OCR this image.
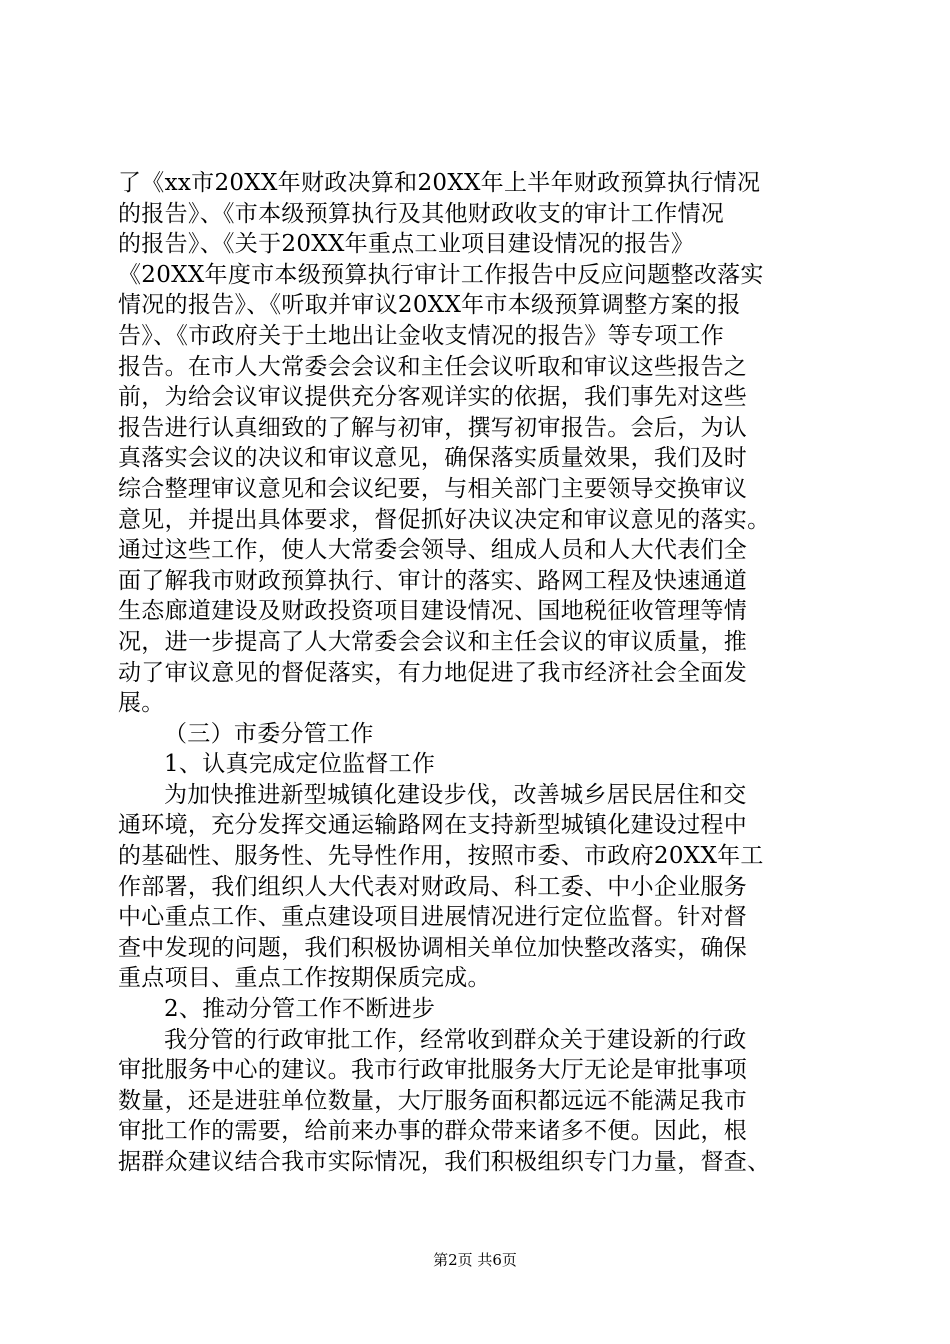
了《xx市20XX年财政决算和20XX年上半年财政预算执行情况
的报告》、《市本级预算执行及其他财政收支的审计工作情况
的报告》、《关于20XX年重点工业项目建设情况的报告》
《20XX年度市本级预算执行审计工作报告中反应问题整改落实
情况的报告》、《听取并审议20XX年市本级预算调整方案的报
告》、《市政府关于土地出让金收支情况的报告》等专项工作
报告。在市人大常委会会议和主任会议听取和审议这些报告之
前，为给会议审议提供充分客观详实的依据，我们事先对这些
报告进行认真细致的了解与初审，撰写初审报告。会后，为认
真落实会议的决议和审议意见，确保落实质量效果，我们及时
综合整理审议意见和会议纪要，与相关部门主要领导交换审议
意见，并提出具体要求，督促抓好决议决定和审议意见的落实。
通过这些工作，使人大常委会领导、组成人员和人大代表们全
面了解我市财政预算执行、审计的落实、路网工程及快速通道
生态廊道建设及财政投资项目建设情况、国地税征收管理等情
况，进一步提高了人大常委会会议和主任会议的审议质量，推
动了审议意见的督促落实，有力地促进了我市经济社会全面发
展。
（三）市委分管工作
1、认真完成定位监督工作
为加快推进新型城镇化建设步伐，改善城乡居民居住和交
通环境，充分发挥交通运输路网在支持新型城镇化建设过程中
的基础性、服务性、先导性作用，按照市委、市政府20XX年工
作部署，我们组织人大代表对财政局、科工委、中小企业服务
中心重点工作、重点建设项目进展情况进行定位监督。针对督
查中发现的问题，我们积极协调相关单位加快整改落实，确保
重点项目、重点工作按期保质完成。
2、推动分管工作不断进步
我分管的行政审批工作，经常收到群众关于建设新的行政
审批服务中心的建议。我市行政审批服务大厅无论是审批事项
数量，还是进驻单位数量，大厅服务面积都远远不能满足我市
审批工作的需要，给前来办事的群众带来诸多不便。因此，根
据群众建议结合我市实际情况，我们积极组织专门力量，督查、
第2页 共6页
